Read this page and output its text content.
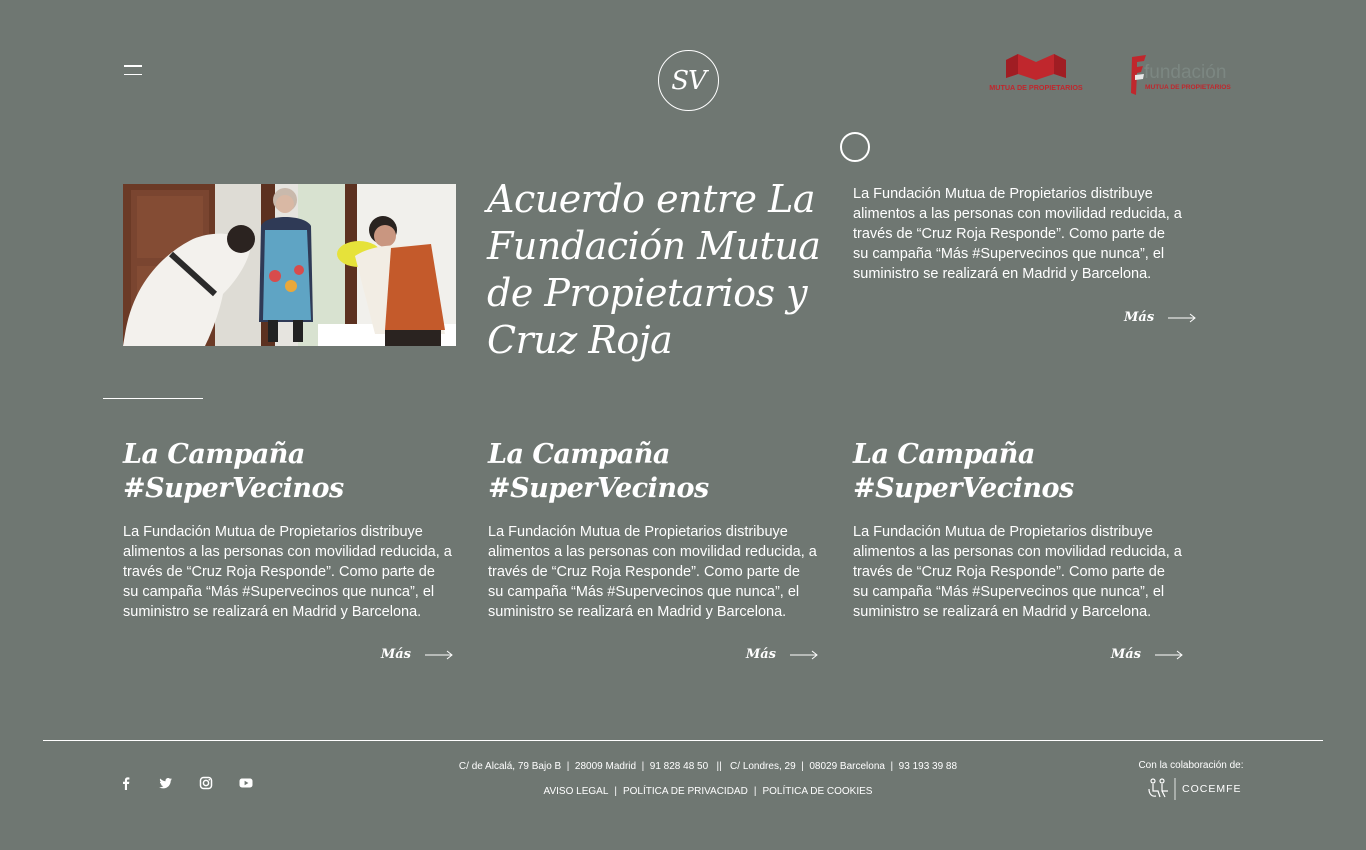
SV	MUTUA DE PROPIETARIOS
fundación
MUTUA DE PROPIETARIOS
Acuerdo entre La Fundación Mutua de Propietarios y Cruz Roja

La Fundación Mutua de Propietarios distribuye alimentos a las personas con movilidad reducida, a través de “Cruz Roja Responde”. Como parte de su campaña “Más #Supervecinos que nunca”, el suministro se realizará en Madrid y Barcelona.

Más
La Campaña #SuperVecinos

La Fundación Mutua de Propietarios distribuye alimentos a las personas con movilidad reducida, a través de “Cruz Roja Responde”. Como parte de su campaña “Más #Supervecinos que nunca”, el suministro se realizará en Madrid y Barcelona.

Más
La Campaña #SuperVecinos

La Fundación Mutua de Propietarios distribuye alimentos a las personas con movilidad reducida, a través de “Cruz Roja Responde”. Como parte de su campaña “Más #Supervecinos que nunca”, el suministro se realizará en Madrid y Barcelona.

Más
La Campaña #SuperVecinos

La Fundación Mutua de Propietarios distribuye alimentos a las personas con movilidad reducida, a través de “Cruz Roja Responde”. Como parte de su campaña “Más #Supervecinos que nunca”, el suministro se realizará en Madrid y Barcelona.

Más
C/ de Alcalá, 79 Bajo B  |  28009 Madrid  |  91 828 48 50   ||   C/ Londres, 29  |  08029 Barcelona  |  93 193 39 88
AVISO LEGAL | POLÍTICA DE PRIVACIDAD | POLÍTICA DE COOKIES
Con la colaboración de:
COCEMFE
